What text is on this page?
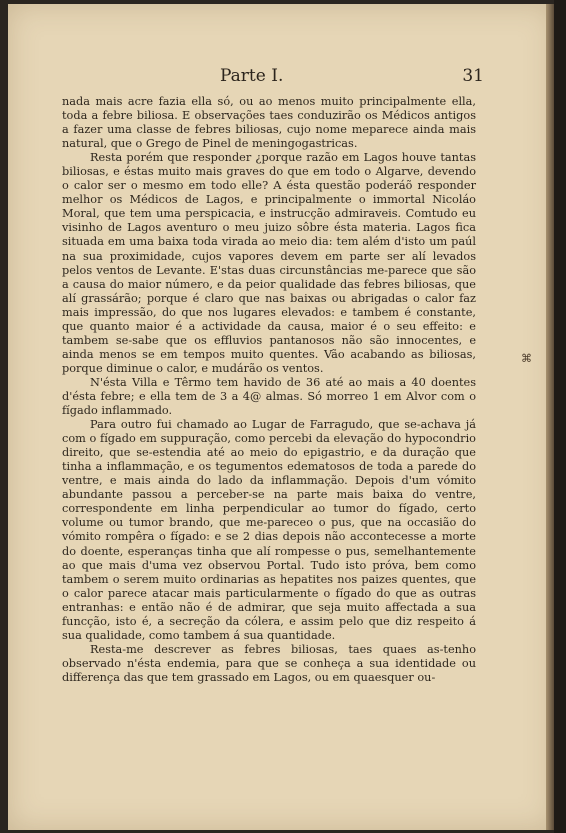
Parte I.	31

nada mais acre fazia ella só, ou ao menos muito principalmente ella, toda a febre biliosa. E observações taes conduzirão os Médicos antigos a fazer uma classe de febres biliosas, cujo nome meparece ainda mais natural, que o Grego de Pinel de meningogastricas.

Resta porém que responder ¿porque razão em Lagos houve tantas biliosas, e éstas muito mais graves do que em todo o Algarve, devendo o calor ser o mesmo em todo elle? A ésta questão poderáõ responder melhor os Médicos de Lagos, e principalmente o immortal Nicoláo Moral, que tem uma perspicacia, e instrucção admiraveis. Comtudo eu visinho de Lagos aventuro o meu juizo sôbre ésta materia. Lagos fica situada em uma baixa toda virada ao meio dia: tem além d'isto um paúl na sua proximidade, cujos vapores devem em parte ser alí levados pelos ventos de Levante. E'stas duas circunstâncias me-parece que são a causa do maior número, e da peior qualidade das febres biliosas, que alí grassárão; porque é claro que nas baixas ou abrigadas o calor faz mais impressão, do que nos lugares elevados: e tambem é constante, que quanto maior é a actividade da causa, maior é o seu effeito: e tambem se-sabe que os effluvios pantanosos não são innocentes, e ainda menos se em tempos muito quentes. Vão acabando as biliosas, porque diminue o calor, e mudárão os ventos.

N'ésta Villa e Têrmo tem havido de 36 até ao mais a 40 doentes d'ésta febre; e ella tem de 3 a 4@ almas. Só morreo 1 em Alvor com o fígado inflammado.

Para outro fui chamado ao Lugar de Farragudo, que se-achava já com o fígado em suppuração, como percebi da elevação do hypocondrio direito, que se-estendia até ao meio do epigastrio, e da duração que tinha a inflammação, e os tegumentos edematosos de toda a parede do ventre, e mais ainda do lado da inflammação. Depois d'um vómito abundante passou a perceber-se na parte mais baixa do ventre, correspondente em linha perpendicular ao tumor do fígado, certo volume ou tumor brando, que me-pareceo o pus, que na occasião do vómito rompêra o fígado: e se 2 dias depois não accontecesse a morte do doente, esperanças tinha que alí rompesse o pus, semelhantemente ao que mais d'uma vez observou Portal. Tudo isto próva, bem como tambem o serem muito ordinarias as hepatites nos paizes quentes, que o calor parece atacar mais particularmente o fígado do que as outras entranhas: e então não é de admirar, que seja muito affectada a sua funcção, isto é, a secreção da cólera, e assim pelo que diz respeito á sua qualidade, como tambem á sua quantidade.

Resta-me descrever as febres biliosas, taes quaes as-tenho observado n'ésta endemia, para que se conheça a sua identidade ou differença das que tem grassado em Lagos, ou em quaesquer ou-

⌘
